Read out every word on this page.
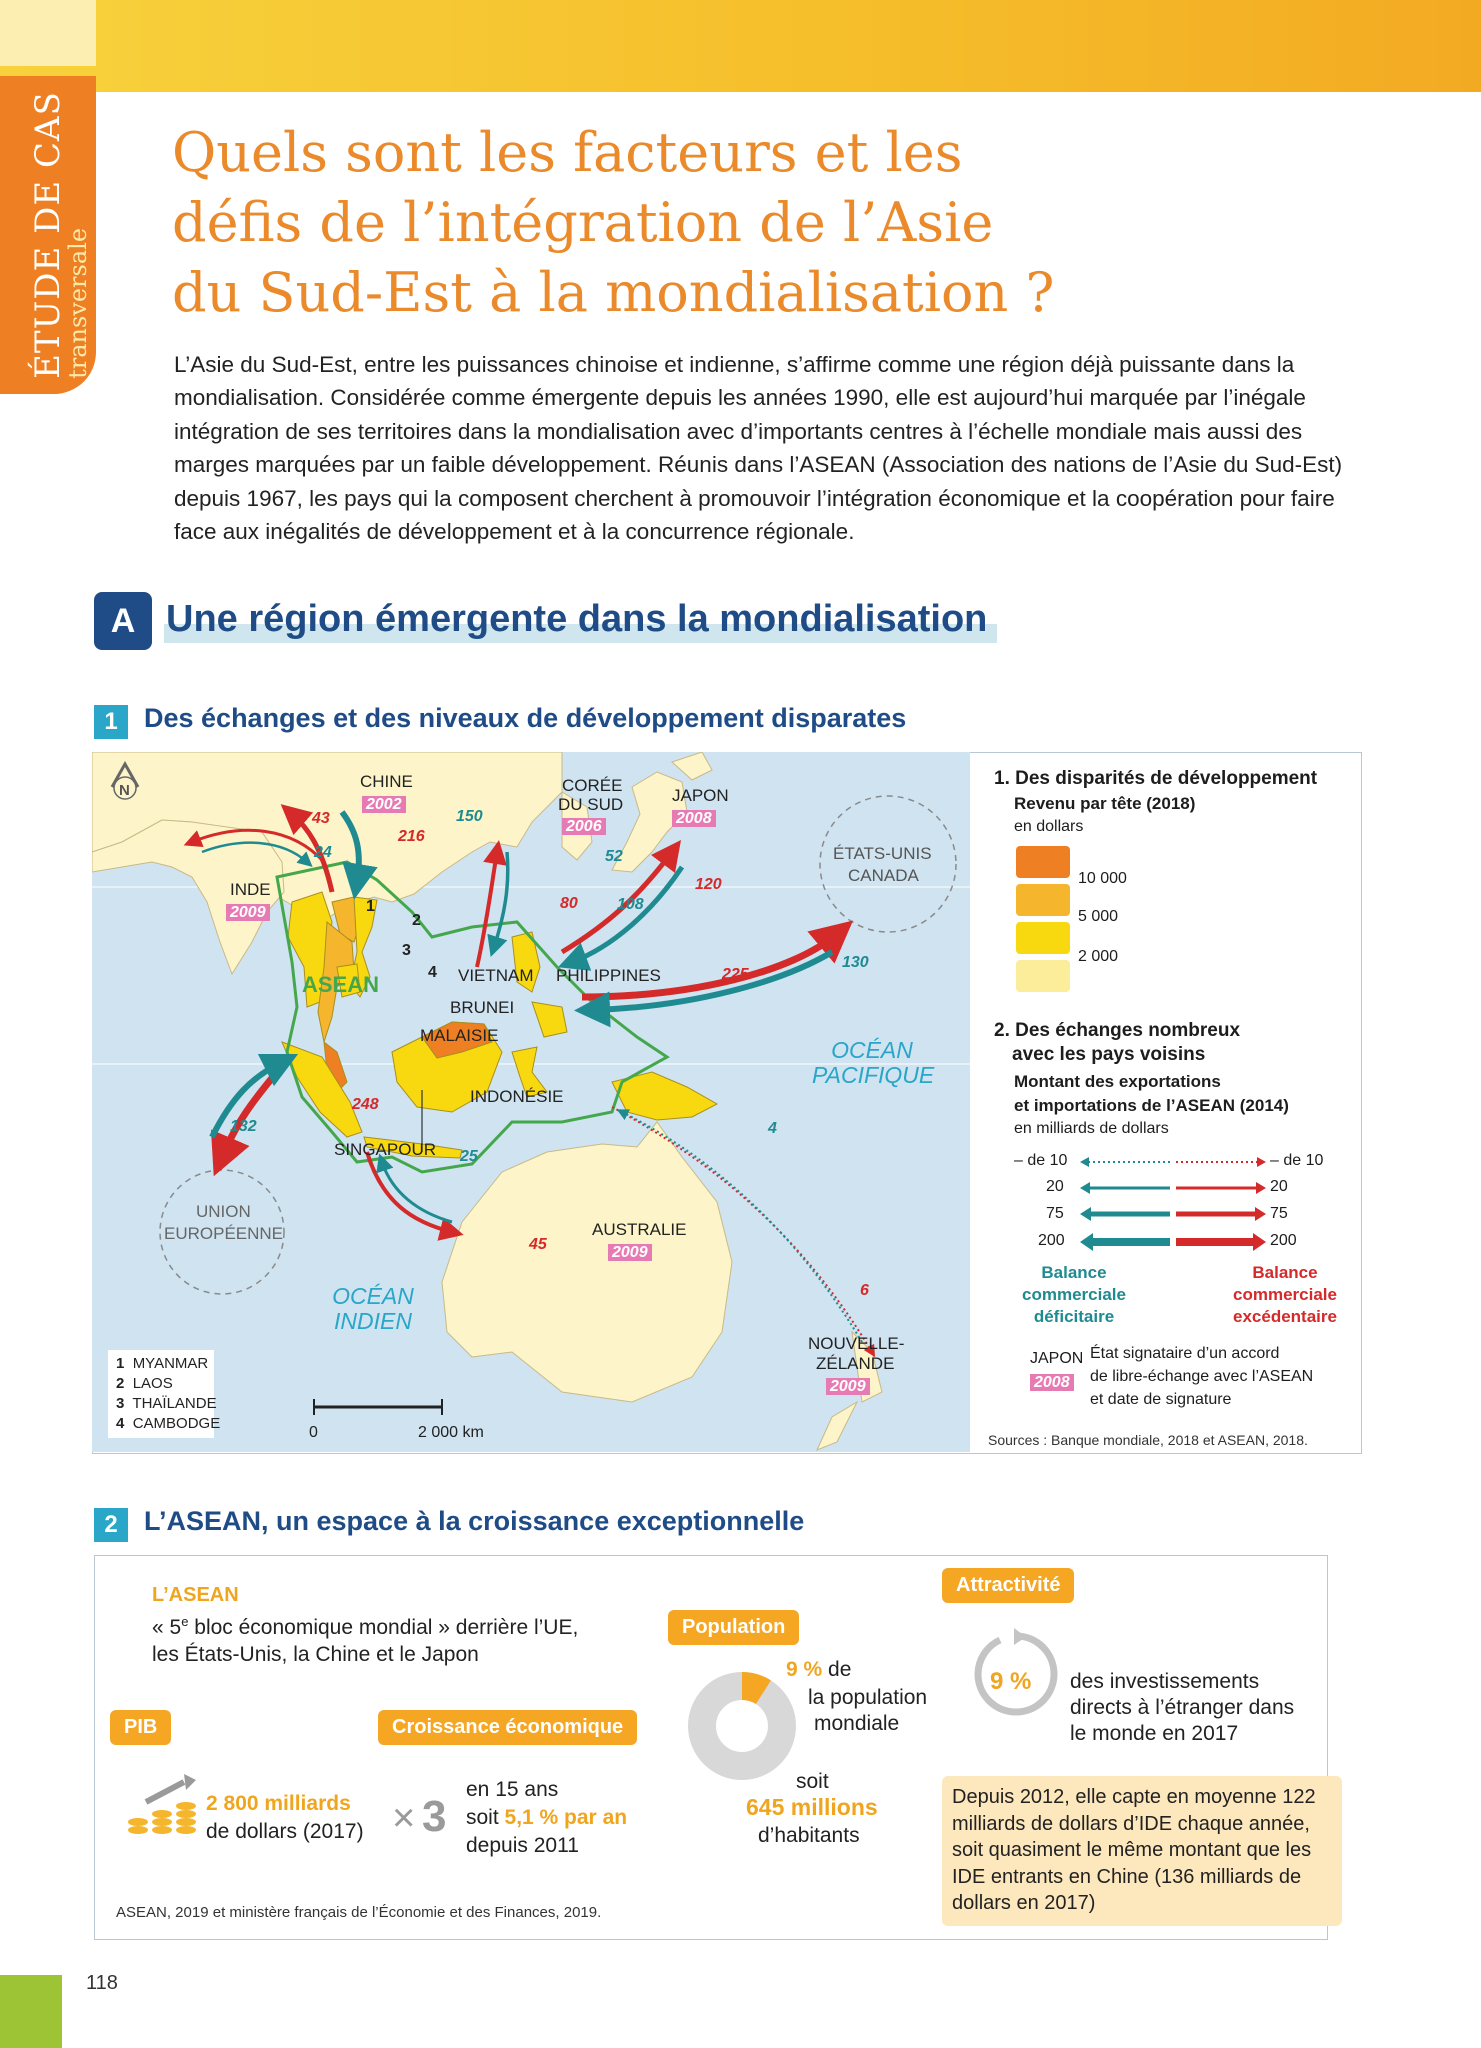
ÉTUDE DE CAS
transversale
Quels sont les facteurs et les
défis de l’intégration de l’Asie
du Sud-Est à la mondialisation ?
L’Asie du Sud-Est, entre les puissances chinoise et indienne, s’affirme comme une région déjà puissante dans la mondialisation. Considérée comme émergente depuis les années 1990, elle est aujourd’hui marquée par l’inégale intégration de ses territoires dans la mondialisation avec d’importants centres à l’échelle mondiale mais aussi des marges marquées par un faible développement. Réunis dans l’ASEAN (Association des nations de l’Asie du Sud-Est) depuis 1967, les pays qui la composent cherchent à promouvoir l’intégration économique et la coopération pour faire face aux inégalités de développement et à la concurrence régionale.
A Une région émergente dans la mondialisation
1 Des échanges et des niveaux de développement disparates
N	CHINE
2002
CORÉE
DU SUD
2006
JAPON
2008
INDE
2009
ÉTATS-UNIS
CANADA
ASEAN	VIETNAM PHILIPPINES
BRUNEI
MALAISIE
INDONÉSIE
SINGAPOUR
UNION
EUROPÉENNE	AUSTRALIE
2009
NOUVELLE-
ZÉLANDE
2009
OCÉAN
PACIFIQUE
OCÉAN
INDIEN
216
150
43
24
80
52
120
108
225
130
248
132
45
25
6
4
1
2
3
4
1 MYANMAR
2 LAOS
3 THAÏLANDE
4 CAMBODGE
0	2 000 km
1. Des disparités de développement
Revenu par tête (2018)
en dollars
10 000
5 000
2 000
2. Des échanges nombreux
avec les pays voisins
Montant des exportations
et importations de l’ASEAN (2014)
en milliards de dollars
– de 10
20
75
200
– de 10
20
75
200
Balance
commerciale
déficitaire
Balance
commerciale
excédentaire
JAPON
2008
État signataire d’un accord
de libre-échange avec l’ASEAN
et date de signature
Sources : Banque mondiale, 2018 et ASEAN, 2018.
2 L’ASEAN, un espace à la croissance exceptionnelle
L’ASEAN
« 5e bloc économique mondial » derrière l’UE,
les États-Unis, la Chine et le Japon
PIB
2 800 milliards
de dollars (2017)
Croissance économique
× 3
en 15 ans
soit 5,1 % par an
depuis 2011
Population
9 % de
la population
mondiale
soit
645 millions
d’habitants
Attractivité
9 % des investissements
directs à l’étranger dans
le monde en 2017
Depuis 2012, elle capte en moyenne 122 milliards de dollars d’IDE chaque année, soit quasiment le même montant que les IDE entrants en Chine (136 milliards de dollars en 2017)
ASEAN, 2019 et ministère français de l’Économie et des Finances, 2019.
118
